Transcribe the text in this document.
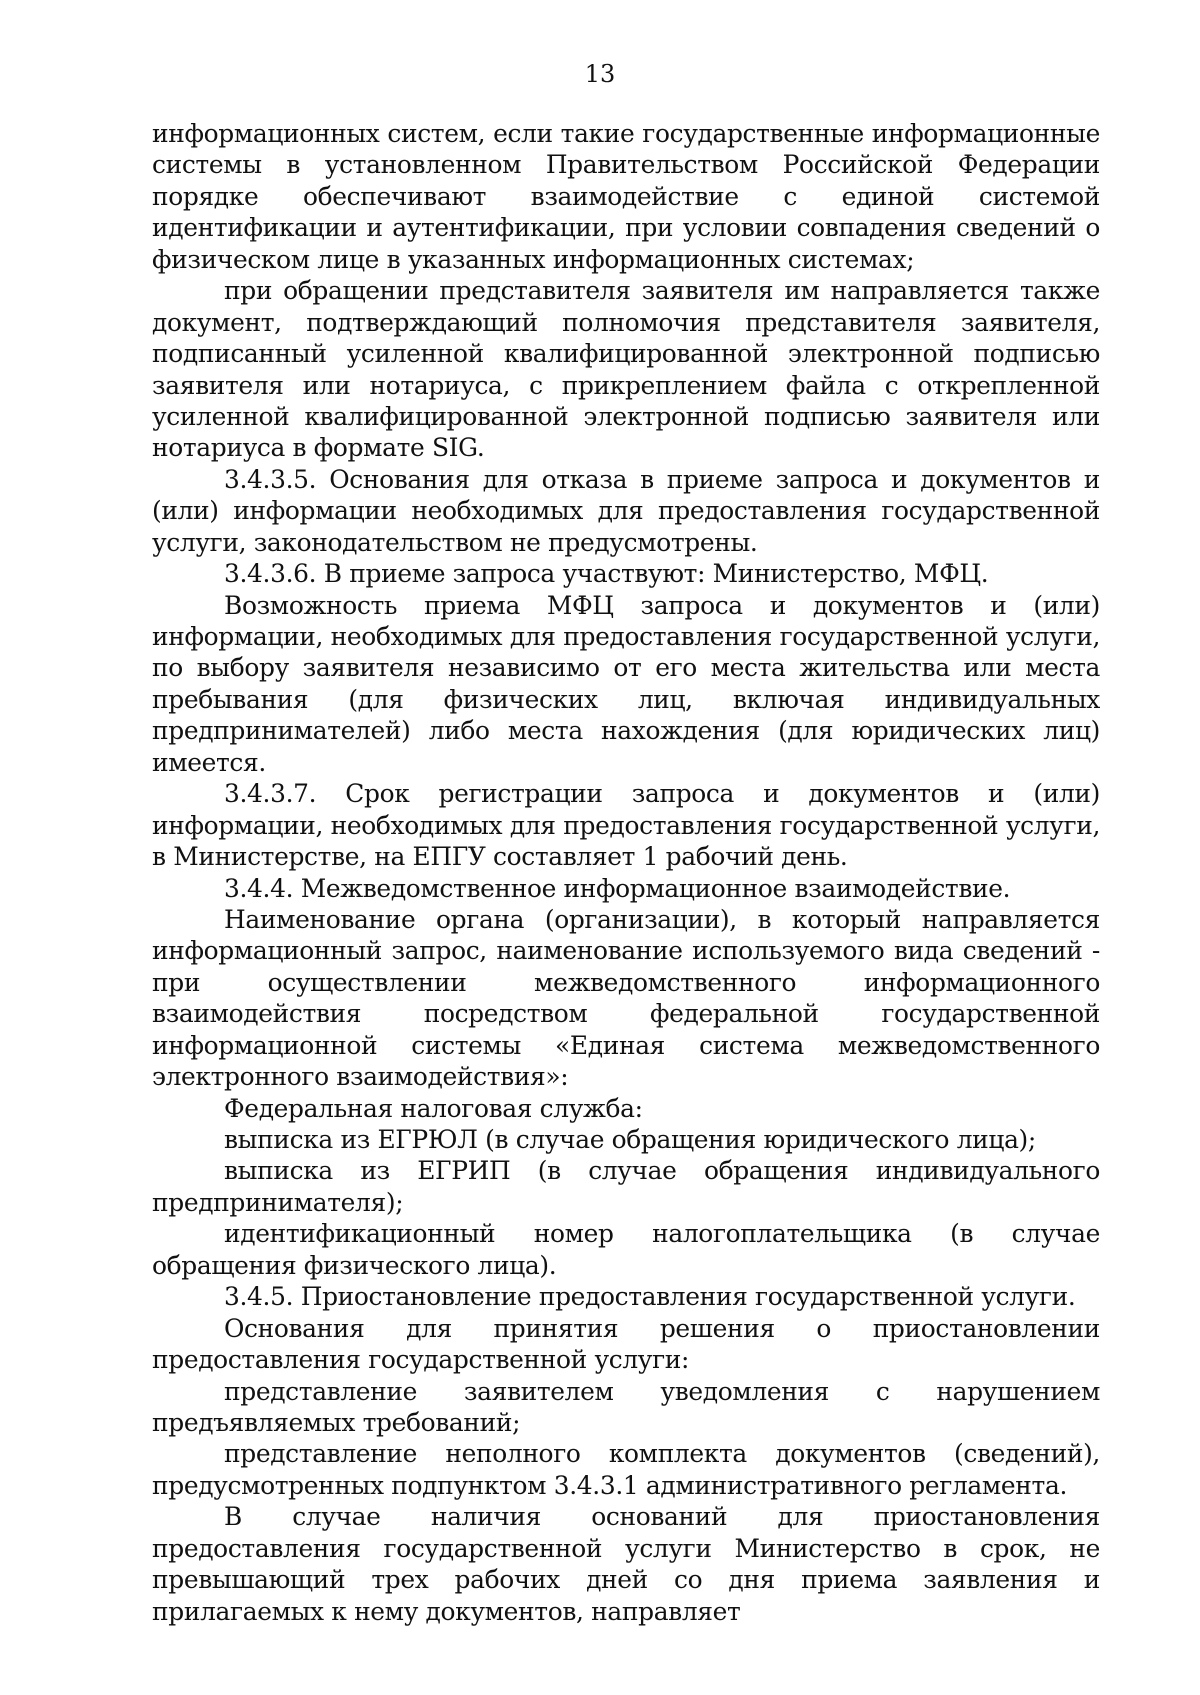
13

информационных систем, если такие государственные информационные системы в установленном Правительством Российской Федерации порядке обеспечивают взаимодействие с единой системой идентификации и аутентификации, при условии совпадения сведений о физическом лице в указанных информационных системах;

при обращении представителя заявителя им направляется также документ, подтверждающий полномочия представителя заявителя, подписанный усиленной квалифицированной электронной подписью заявителя или нотариуса, с прикреплением файла с открепленной усиленной квалифицированной электронной подписью заявителя или нотариуса в формате SIG.

3.4.3.5. Основания для отказа в приеме запроса и документов и (или) информации необходимых для предоставления государственной услуги, законодательством не предусмотрены.

3.4.3.6. В приеме запроса участвуют: Министерство, МФЦ.

Возможность приема МФЦ запроса и документов и (или) информации, необходимых для предоставления государственной услуги, по выбору заявителя независимо от его места жительства или места пребывания (для физических лиц, включая индивидуальных предпринимателей) либо места нахождения (для юридических лиц) имеется.

3.4.3.7. Срок регистрации запроса и документов и (или) информации, необходимых для предоставления государственной услуги, в Министерстве, на ЕПГУ составляет 1 рабочий день.

3.4.4. Межведомственное информационное взаимодействие.

Наименование органа (организации), в который направляется информационный запрос, наименование используемого вида сведений - при осуществлении межведомственного информационного взаимодействия посредством федеральной государственной информационной системы «Единая система межведомственного электронного взаимодействия»:

Федеральная налоговая служба:

выписка из ЕГРЮЛ (в случае обращения юридического лица);

выписка из ЕГРИП (в случае обращения индивидуального предпринимателя);

идентификационный номер налогоплательщика (в случае обращения физического лица).

3.4.5. Приостановление предоставления государственной услуги.

Основания для принятия решения о приостановлении предоставления государственной услуги:

представление заявителем уведомления с нарушением предъявляемых требований;

представление неполного комплекта документов (сведений), предусмотренных подпунктом 3.4.3.1 административного регламента.

В случае наличия оснований для приостановления предоставления государственной услуги Министерство в срок, не превышающий трех рабочих дней со дня приема заявления и прилагаемых к нему документов, направляет
